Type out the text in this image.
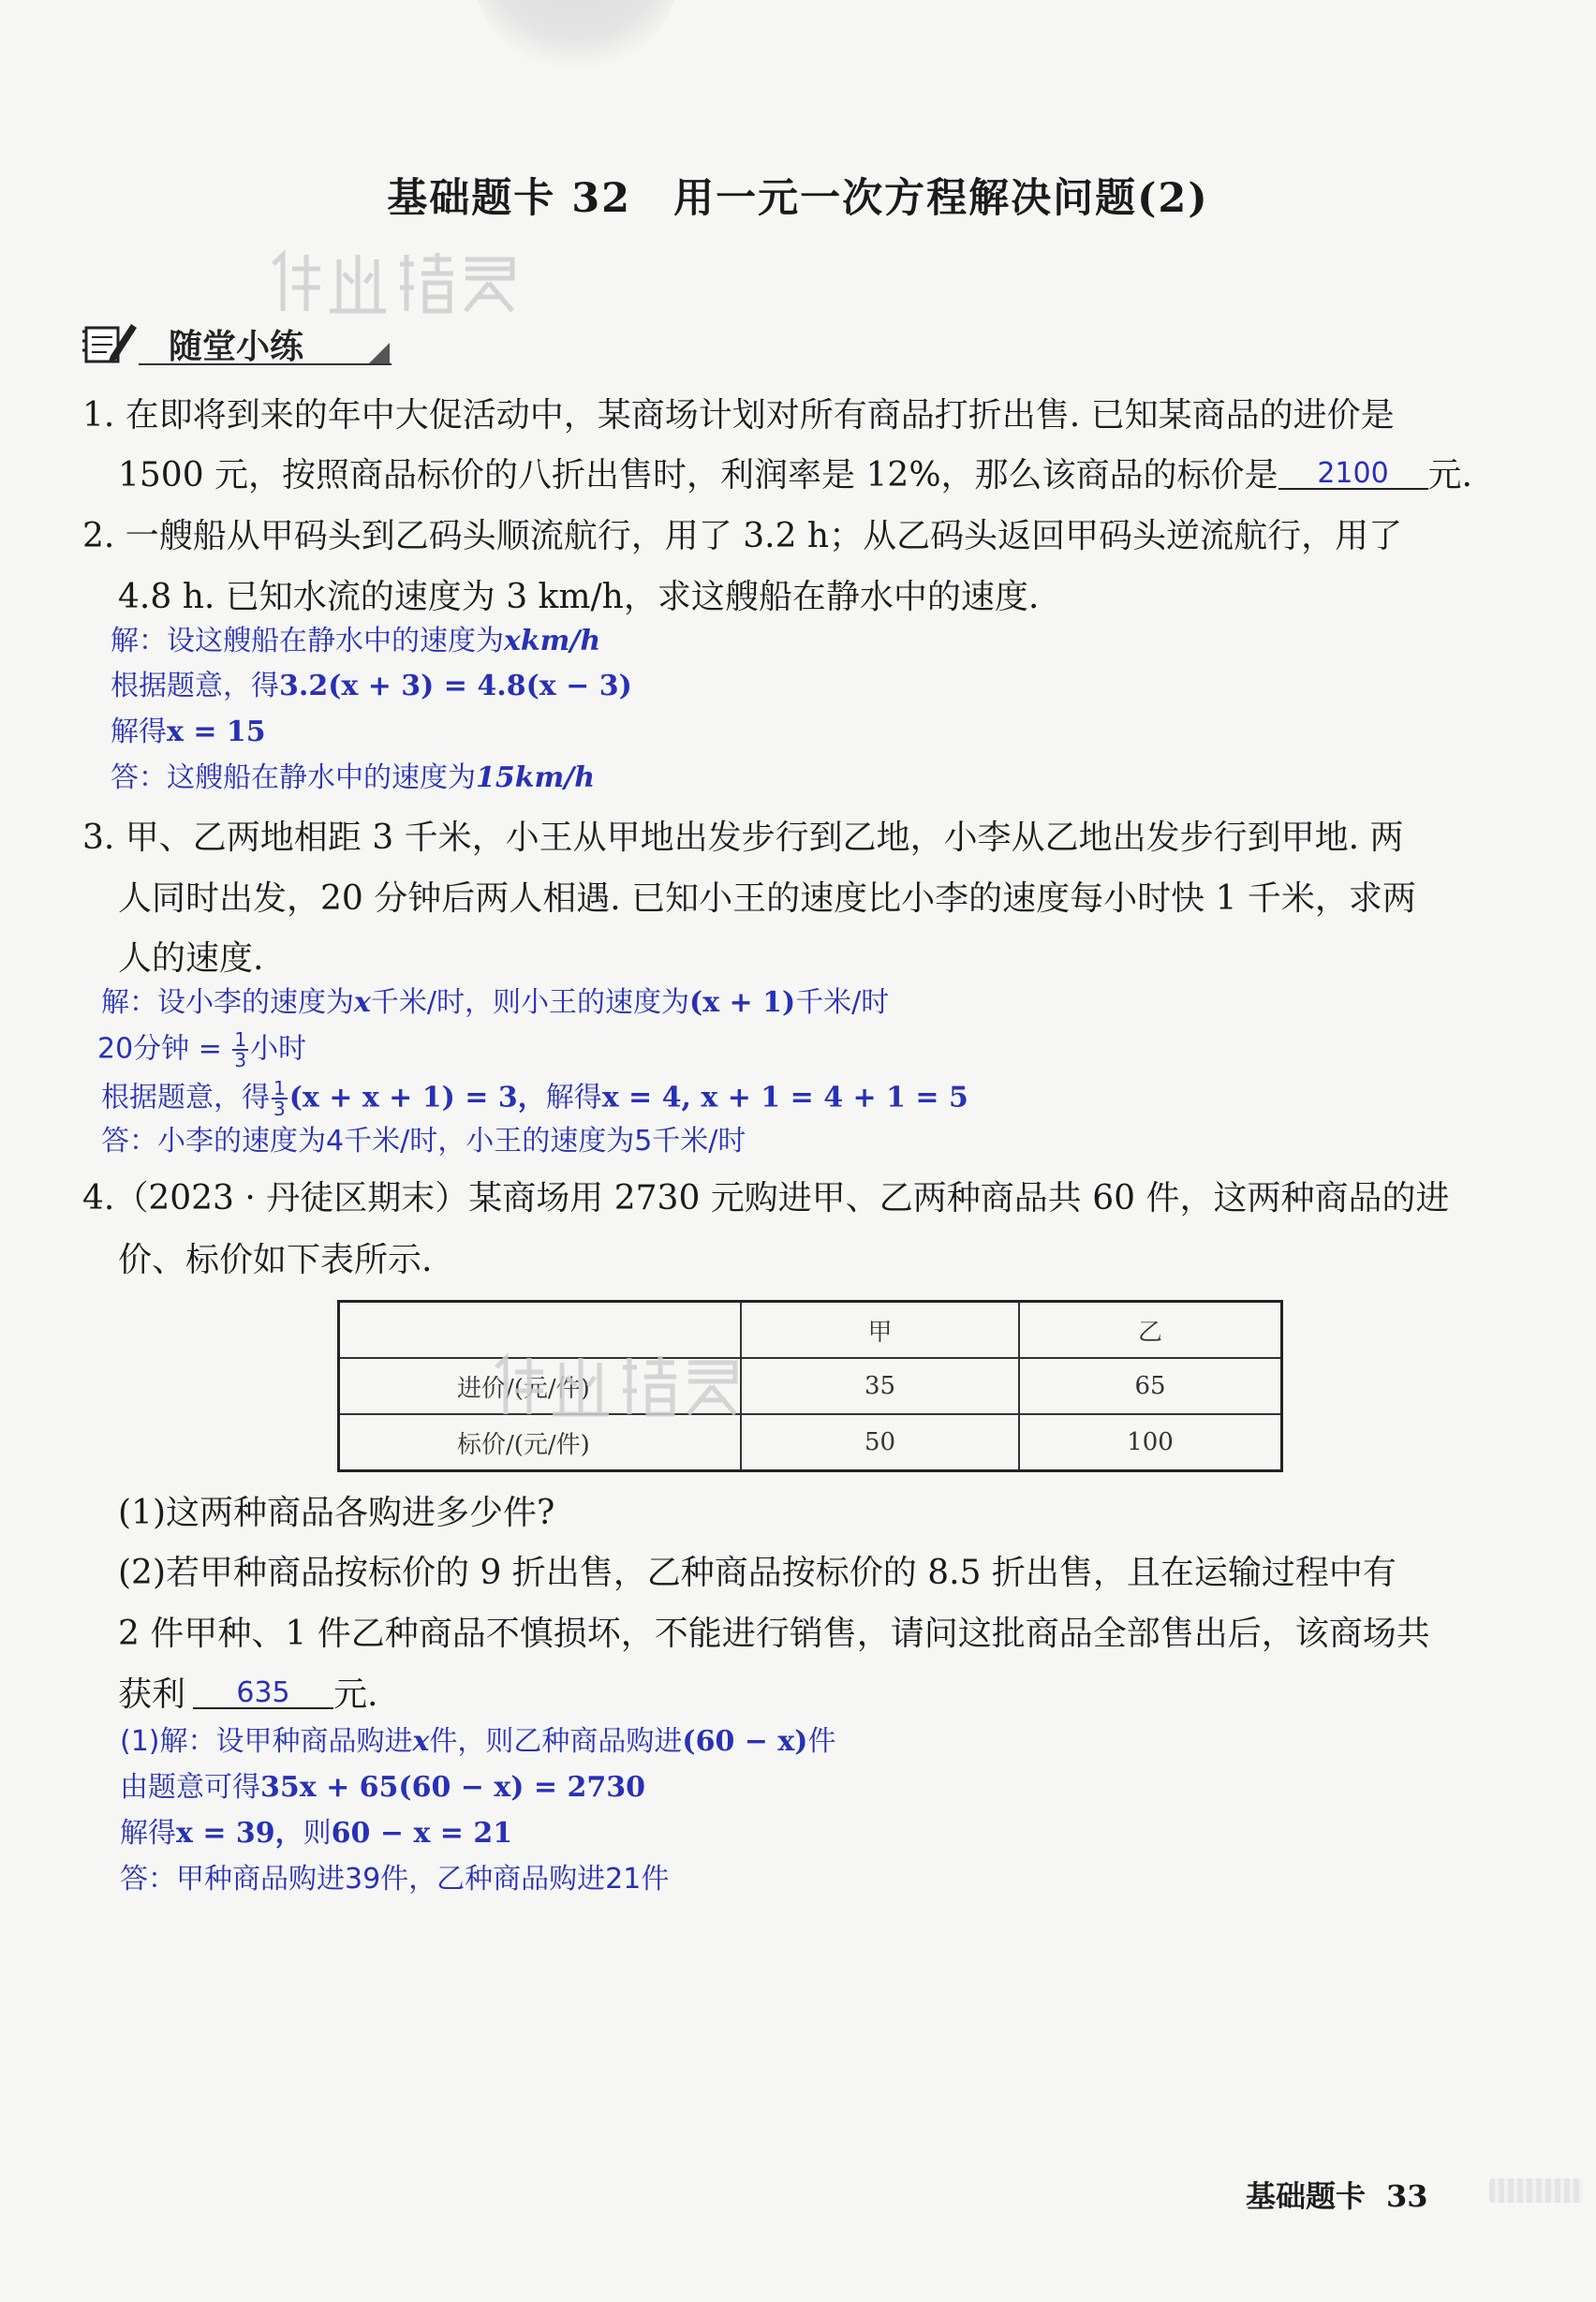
基础题卡 32　用一元一次方程解决问题(2)
随堂小练
1. 在即将到来的年中大促活动中，某商场计划对所有商品打折出售. 已知某商品的进价是
1500 元，按照商品标价的八折出售时，利润率是 12%，那么该商品的标价是 2100 元.
2. 一艘船从甲码头到乙码头顺流航行，用了 3.2 h；从乙码头返回甲码头逆流航行，用了
4.8 h. 已知水流的速度为 3 km/h，求这艘船在静水中的速度.
解：设这艘船在静水中的速度为xkm/h
根据题意，得3.2(x + 3) = 4.8(x − 3)
解得x = 15
答：这艘船在静水中的速度为15km/h
3. 甲、乙两地相距 3 千米，小王从甲地出发步行到乙地，小李从乙地出发步行到甲地. 两
人同时出发，20 分钟后两人相遇. 已知小王的速度比小李的速度每小时快 1 千米，求两
人的速度.
解：设小李的速度为x千米/时，则小王的速度为(x + 1)千米/时
20分钟 = $\frac{1}{3}$ 小时
根据题意，得 $\frac{1}{3} (x + x + 1) = 3$，解得x = 4, x + 1 = 4 + 1 = 5
答：小李的速度为4千米/时，小王的速度为5千米/时
4.（2023 · 丹徒区期末）某商场用 2730 元购进甲、乙两种商品共 60 件，这两种商品的进
价、标价如下表所示.
	甲	乙
进价/(元/件)	35	65
标价/(元/件)	50	100
(1)这两种商品各购进多少件?
(2)若甲种商品按标价的 9 折出售，乙种商品按标价的 8.5 折出售，且在运输过程中有
2 件甲种、1 件乙种商品不慎损坏，不能进行销售，请问这批商品全部售出后，该商场共
获利 635 元.
(1)解：设甲种商品购进x件，则乙种商品购进(60 − x)件
由题意可得35x + 65(60 − x) = 2730
解得x = 39，则60 − x = 21
答：甲种商品购进39件，乙种商品购进21件
基础题卡 33
